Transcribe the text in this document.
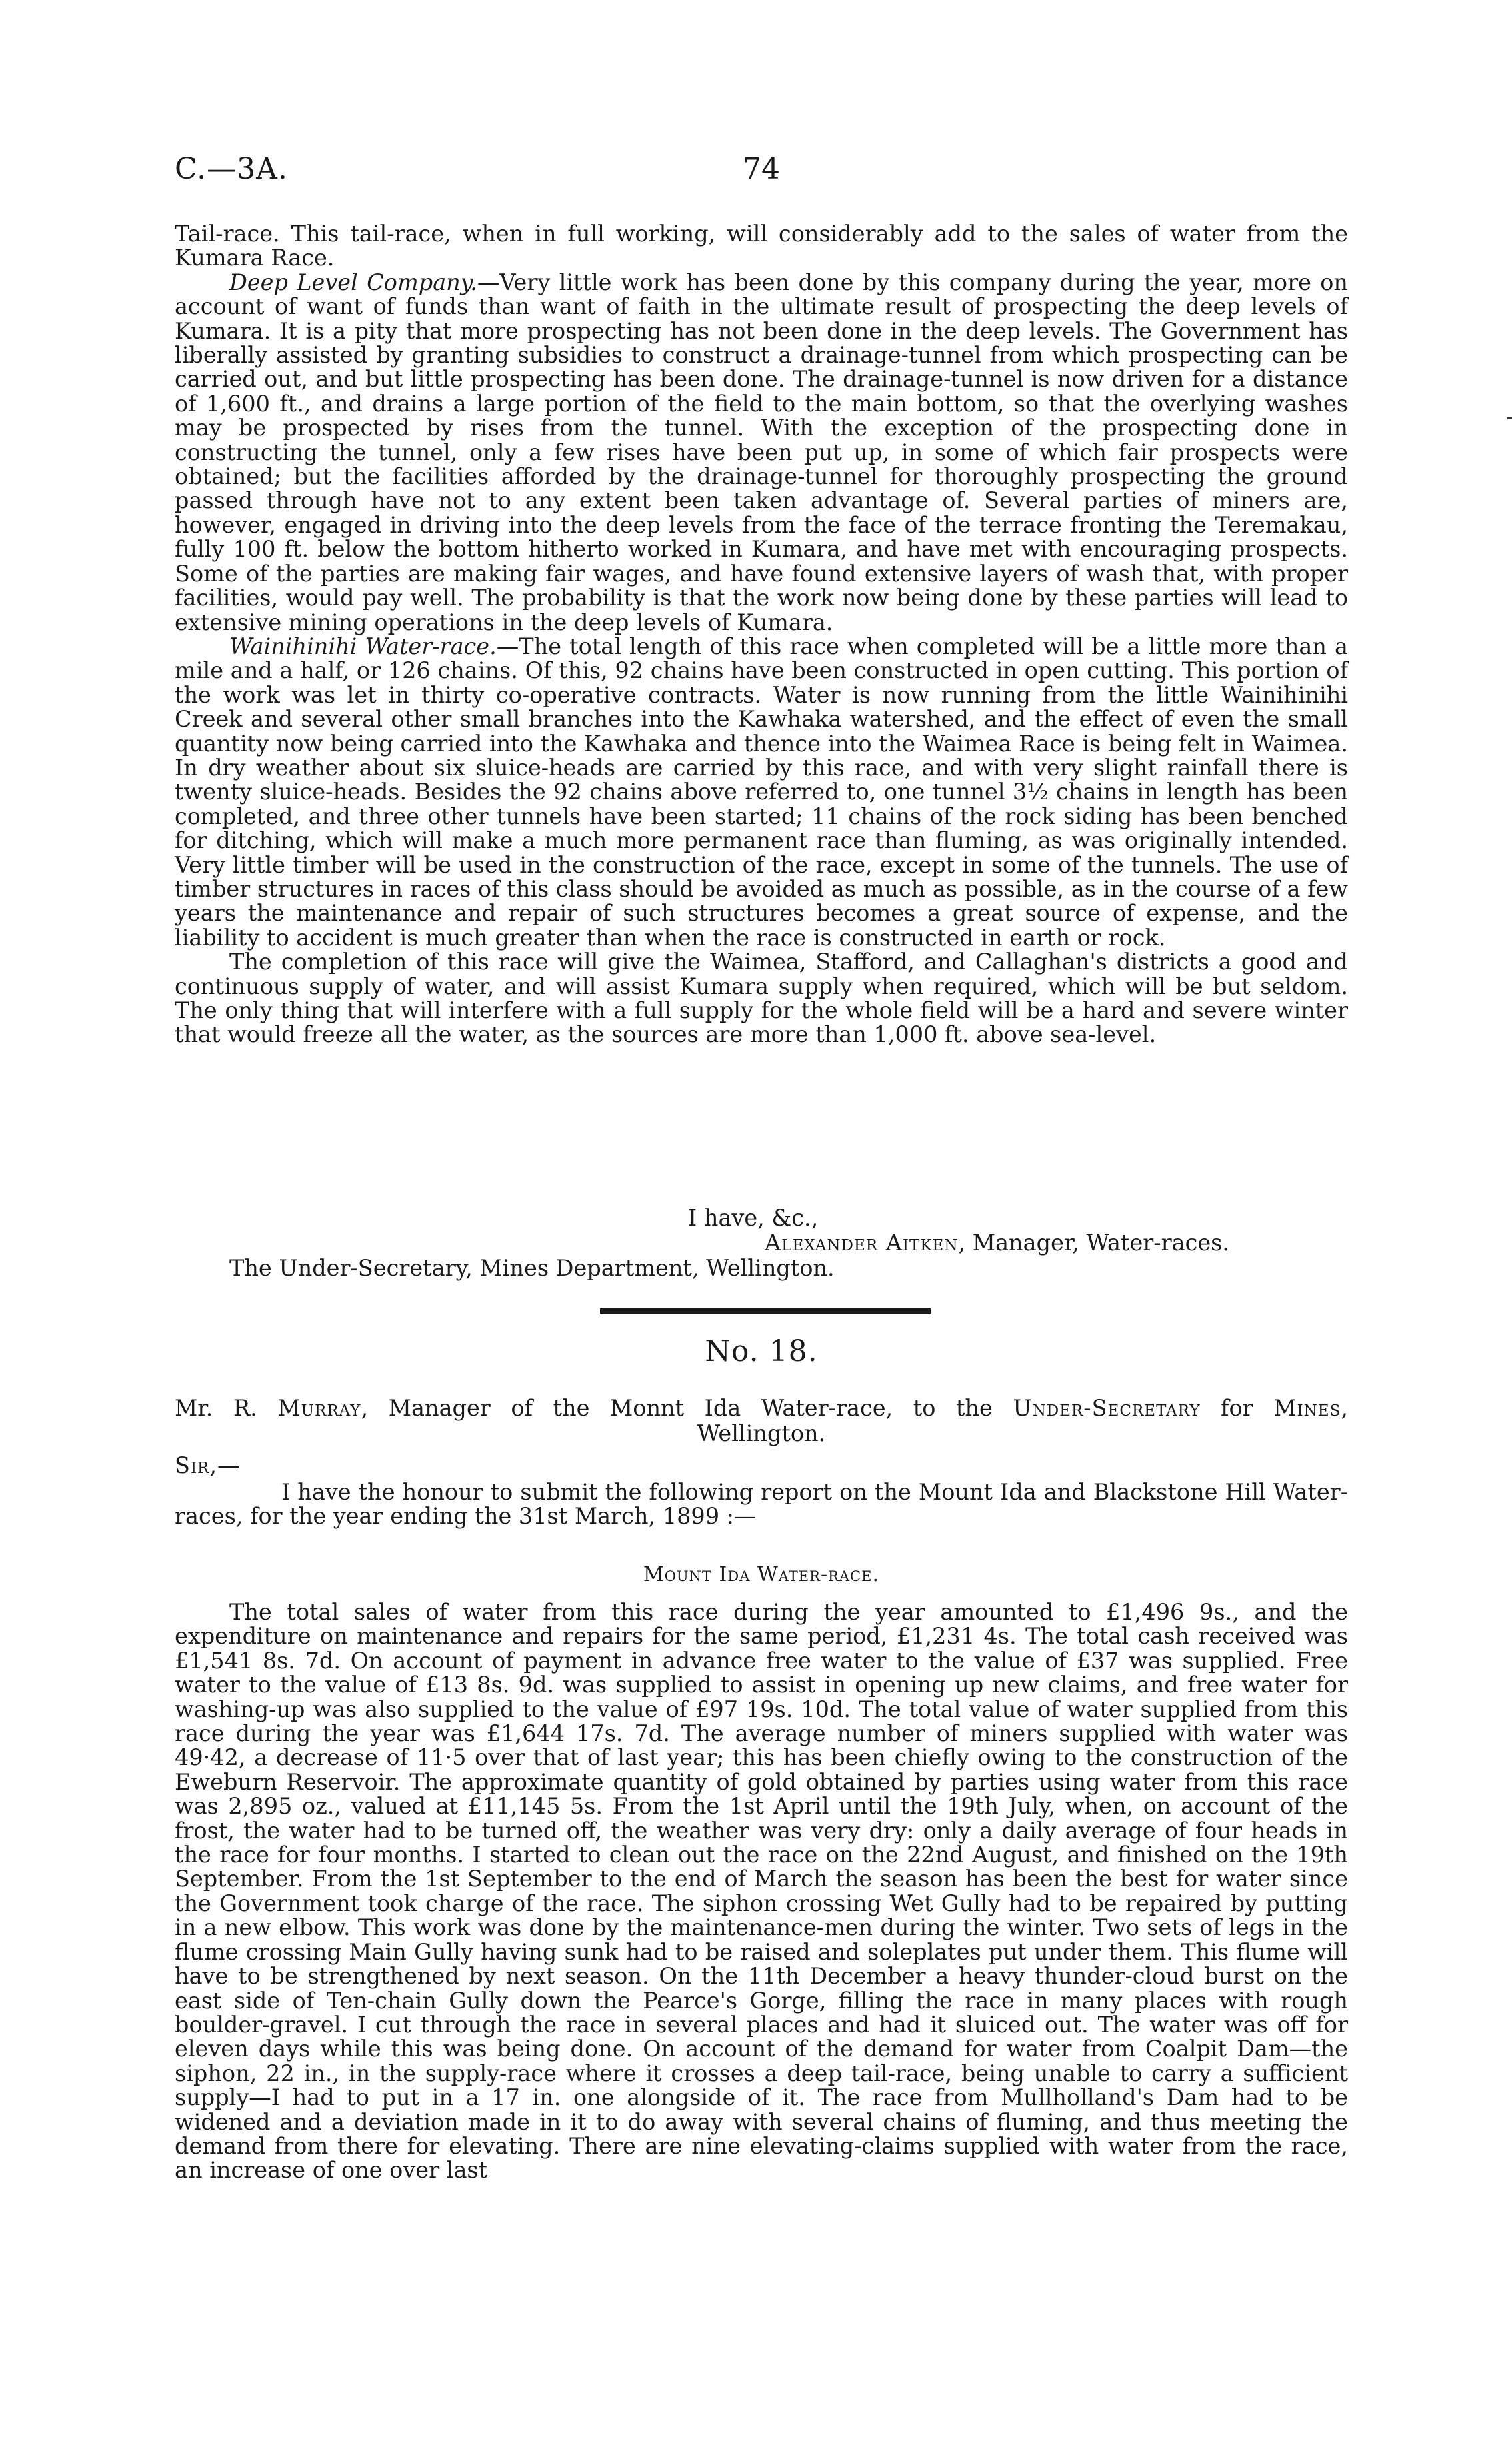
C.—3A.	74

Tail-race. This tail-race, when in full working, will considerably add to the sales of water from the Kumara Race.

Deep Level Company.—Very little work has been done by this company during the year, more on account of want of funds than want of faith in the ultimate result of prospecting the deep levels of Kumara. It is a pity that more prospecting has not been done in the deep levels. The Government has liberally assisted by granting subsidies to construct a drainage-tunnel from which prospecting can be carried out, and but little prospecting has been done. The drainage-tunnel is now driven for a distance of 1,600 ft., and drains a large portion of the field to the main bottom, so that the overlying washes may be prospected by rises from the tunnel. With the exception of the prospecting done in constructing the tunnel, only a few rises have been put up, in some of which fair prospects were obtained; but the facilities afforded by the drainage-tunnel for thoroughly prospecting the ground passed through have not to any extent been taken advantage of. Several parties of miners are, however, engaged in driving into the deep levels from the face of the terrace fronting the Teremakau, fully 100 ft. below the bottom hitherto worked in Kumara, and have met with encouraging prospects. Some of the parties are making fair wages, and have found extensive layers of wash that, with proper facilities, would pay well. The probability is that the work now being done by these parties will lead to extensive mining operations in the deep levels of Kumara.

Wainihinihi Water-race.—The total length of this race when completed will be a little more than a mile and a half, or 126 chains. Of this, 92 chains have been constructed in open cutting. This portion of the work was let in thirty co-operative contracts. Water is now running from the little Wainihinihi Creek and several other small branches into the Kawhaka watershed, and the effect of even the small quantity now being carried into the Kawhaka and thence into the Waimea Race is being felt in Waimea. In dry weather about six sluice-heads are carried by this race, and with very slight rainfall there is twenty sluice-heads. Besides the 92 chains above referred to, one tunnel 3½ chains in length has been completed, and three other tunnels have been started; 11 chains of the rock siding has been benched for ditching, which will make a much more permanent race than fluming, as was originally intended. Very little timber will be used in the construction of the race, except in some of the tunnels. The use of timber structures in races of this class should be avoided as much as possible, as in the course of a few years the maintenance and repair of such structures becomes a great source of expense, and the liability to accident is much greater than when the race is constructed in earth or rock.

The completion of this race will give the Waimea, Stafford, and Callaghan's districts a good and continuous supply of water, and will assist Kumara supply when required, which will be but seldom. The only thing that will interfere with a full supply for the whole field will be a hard and severe winter that would freeze all the water, as the sources are more than 1,000 ft. above sea-level.

I have, &c.,
Alexander Aitken, Manager, Water-races.
The Under-Secretary, Mines Department, Wellington.
No. 18.
Mr. R. Murray, Manager of the Monnt Ida Water-race, to the Under-Secretary for Mines,
Wellington.
Sir,—

I have the honour to submit the following report on the Mount Ida and Blackstone Hill Water-races, for the year ending the 31st March, 1899 :—

Mount Ida Water-race.

The total sales of water from this race during the year amounted to £1,496 9s., and the expenditure on maintenance and repairs for the same period, £1,231 4s. The total cash received was £1,541 8s. 7d. On account of payment in advance free water to the value of £37 was supplied. Free water to the value of £13 8s. 9d. was supplied to assist in opening up new claims, and free water for washing-up was also supplied to the value of £97 19s. 10d. The total value of water supplied from this race during the year was £1,644 17s. 7d. The average number of miners supplied with water was 49·42, a decrease of 11·5 over that of last year; this has been chiefly owing to the construction of the Eweburn Reservoir. The approximate quantity of gold obtained by parties using water from this race was 2,895 oz., valued at £11,145 5s. From the 1st April until the 19th July, when, on account of the frost, the water had to be turned off, the weather was very dry: only a daily average of four heads in the race for four months. I started to clean out the race on the 22nd August, and finished on the 19th September. From the 1st September to the end of March the season has been the best for water since the Government took charge of the race. The siphon crossing Wet Gully had to be repaired by putting in a new elbow. This work was done by the maintenance-men during the winter. Two sets of legs in the flume crossing Main Gully having sunk had to be raised and soleplates put under them. This flume will have to be strengthened by next season. On the 11th December a heavy thunder-cloud burst on the east side of Ten-chain Gully down the Pearce's Gorge, filling the race in many places with rough boulder-gravel. I cut through the race in several places and had it sluiced out. The water was off for eleven days while this was being done. On account of the demand for water from Coalpit Dam—the siphon, 22 in., in the supply-race where it crosses a deep tail-race, being unable to carry a sufficient supply—I had to put in a 17 in. one alongside of it. The race from Mullholland's Dam had to be widened and a deviation made in it to do away with several chains of fluming, and thus meeting the demand from there for elevating. There are nine elevating-claims supplied with water from the race, an increase of one over last
